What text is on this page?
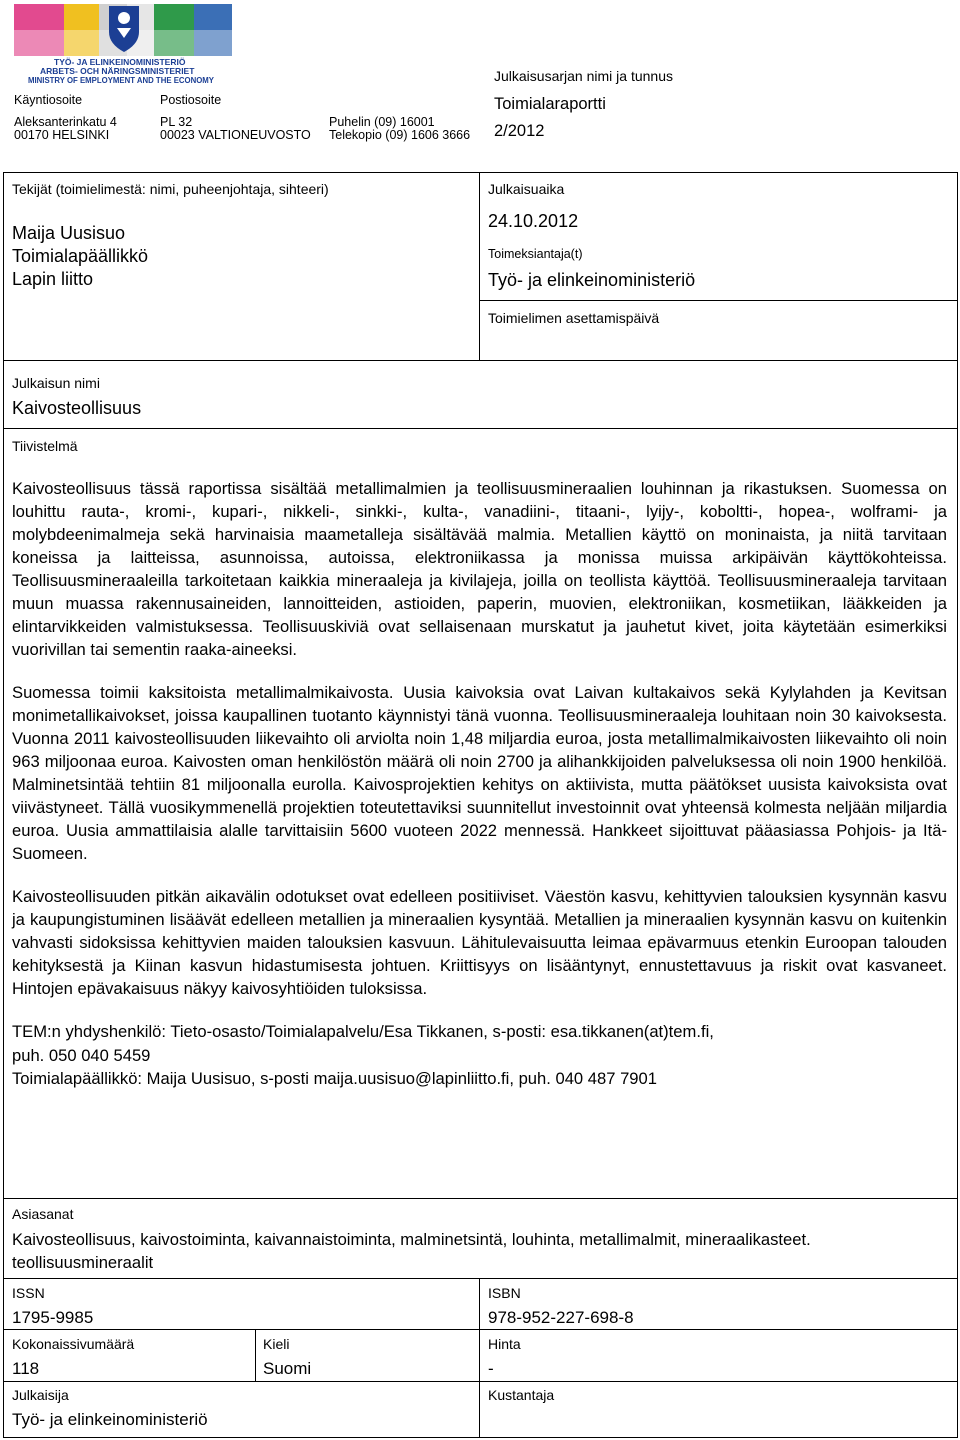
TYÖ- JA ELINKEINOMINISTERIÖ
ARBETS- OCH NÄRINGSMINISTERIET
MINISTRY OF EMPLOYMENT AND THE ECONOMY
Käyntiosoite
Aleksanterinkatu 4
00170 HELSINKI
Postiosoite
PL 32
00023 VALTIONEUVOSTO
Puhelin (09) 16001
Telekopio (09) 1606 3666
Julkaisusarjan nimi ja tunnus
Toimialaraportti
2/2012
Tekijät (toimielimestä: nimi, puheenjohtaja, sihteeri)
Maija Uusisuo
Toimialapäällikkö
Lapin liitto
Julkaisuaika
24.10.2012
Toimeksiantaja(t)
Työ- ja elinkeinoministeriö
Toimielimen asettamispäivä
Julkaisun nimi
Kaivosteollisuus
Tiivistelmä

Kaivosteollisuus tässä raportissa sisältää metallimalmien ja teollisuusmineraalien louhinnan ja rikastuksen. Suomessa on louhittu rauta-, kromi-, kupari-, nikkeli-, sinkki-, kulta-, vanadiini-, titaani-, lyijy-, koboltti-, hopea-, wolframi- ja molybdeenimalmeja sekä harvinaisia maametalleja sisältävää malmia. Metallien käyttö on moninaista, ja niitä tarvitaan koneissa ja laitteissa, asunnoissa, autoissa, elektroniikassa ja monissa muissa arkipäivän käyttökohteissa. Teollisuusmineraaleilla tarkoitetaan kaikkia mineraaleja ja kivilajeja, joilla on teollista käyttöä. Teollisuusmineraaleja tarvitaan muun muassa rakennusaineiden, lannoitteiden, astioiden, paperin, muovien, elektroniikan, kosmetiikan, lääkkeiden ja elintarvikkeiden valmistuksessa. Teollisuuskiviä ovat sellaisenaan murskatut ja jauhetut kivet, joita käytetään esimerkiksi vuorivillan tai sementin raaka-aineeksi.

Suomessa toimii kaksitoista metallimalmikaivosta. Uusia kaivoksia ovat Laivan kultakaivos sekä Kylylahden ja Kevitsan monimetallikaivokset, joissa kaupallinen tuotanto käynnistyi tänä vuonna. Teollisuusmineraaleja louhitaan noin 30 kaivoksesta. Vuonna 2011 kaivosteollisuuden liikevaihto oli arviolta noin 1,48 miljardia euroa, josta metallimalmikaivosten liikevaihto oli noin 963 miljoonaa euroa. Kaivosten oman henkilöstön määrä oli noin 2700 ja alihankkijoiden palveluksessa oli noin 1900 henkilöä. Malminetsintää tehtiin 81 miljoonalla eurolla. Kaivosprojektien kehitys on aktiivista, mutta päätökset uusista kaivoksista ovat viivästyneet. Tällä vuosikymmenellä projektien toteutettaviksi suunnitellut investoinnit ovat yhteensä kolmesta neljään miljardia euroa. Uusia ammattilaisia alalle tarvittaisiin 5600 vuoteen 2022 mennessä. Hankkeet sijoittuvat pääasiassa Pohjois- ja Itä-Suomeen.

Kaivosteollisuuden pitkän aikavälin odotukset ovat edelleen positiiviset. Väestön kasvu, kehittyvien talouksien kysynnän kasvu ja kaupungistuminen lisäävät edelleen metallien ja mineraalien kysyntää. Metallien ja mineraalien kysynnän kasvu on kuitenkin vahvasti sidoksissa kehittyvien maiden talouksien kasvuun. Lähitulevaisuutta leimaa epävarmuus etenkin Euroopan talouden kehityksestä ja Kiinan kasvun hidastumisesta johtuen. Kriittisyys on lisääntynyt, ennustettavuus ja riskit ovat kasvaneet. Hintojen epävakaisuus näkyy kaivosyhtiöiden tuloksissa.

TEM:n yhdyshenkilö: Tieto-osasto/Toimialapalvelu/Esa Tikkanen, s-posti: esa.tikkanen(at)tem.fi,
puh. 050 040 5459
Toimialapäällikkö: Maija Uusisuo, s-posti maija.uusisuo@lapinliitto.fi, puh. 040 487 7901
Asiasanat
Kaivosteollisuus, kaivostoiminta, kaivannaistoiminta, malminetsintä, louhinta, metallimalmit, mineraalikasteet. teollisuusmineraalit
ISSN
1795-9985
ISBN
978-952-227-698-8
Kokonaissivumäärä
118
Kieli
Suomi
Hinta
-
Julkaisija
Työ- ja elinkeinoministeriö
Kustantaja
